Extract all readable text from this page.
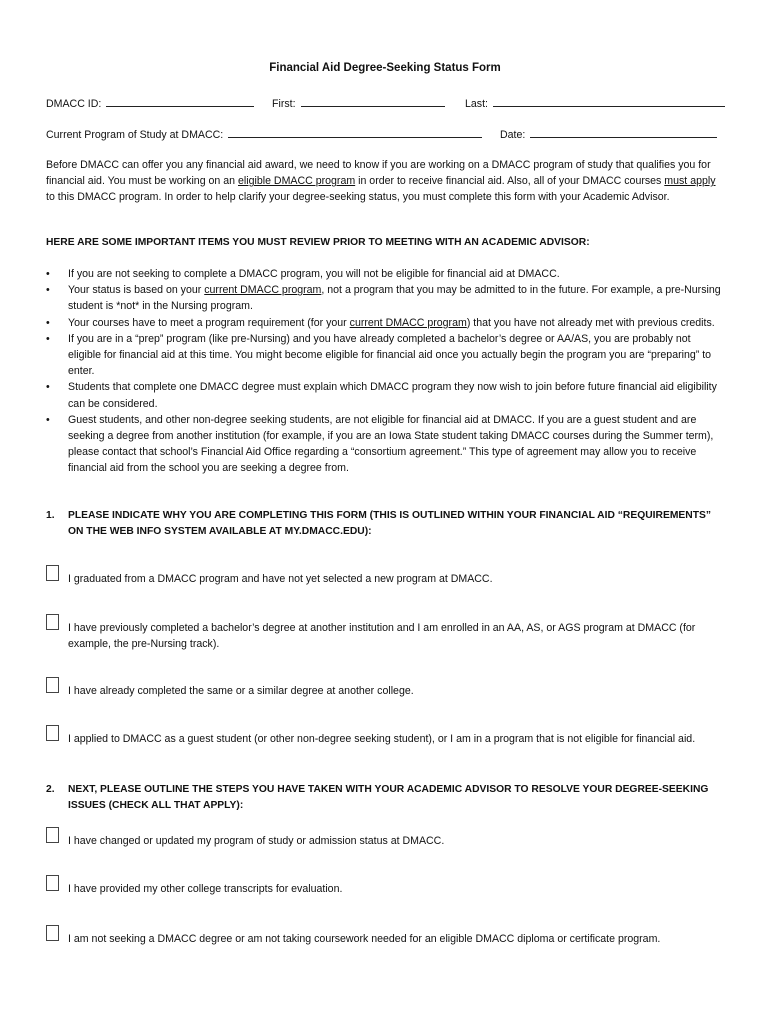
Financial Aid Degree-Seeking Status Form
DMACC ID:	First:	Last:
Current Program of Study at DMACC:	Date:
Before DMACC can offer you any financial aid award, we need to know if you are working on a DMACC program of study that qualifies you for financial aid. You must be working on an eligible DMACC program in order to receive financial aid. Also, all of your DMACC courses must apply to this DMACC program. In order to help clarify your degree-seeking status, you must complete this form with your Academic Advisor.
HERE ARE SOME IMPORTANT ITEMS YOU MUST REVIEW PRIOR TO MEETING WITH AN ACADEMIC ADVISOR:
• If you are not seeking to complete a DMACC program, you will not be eligible for financial aid at DMACC.
• Your status is based on your current DMACC program, not a program that you may be admitted to in the future. For example, a pre-Nursing student is *not* in the Nursing program.
• Your courses have to meet a program requirement (for your current DMACC program) that you have not already met with previous credits.
• If you are in a “prep” program (like pre-Nursing) and you have already completed a bachelor’s degree or AA/AS, you are probably not eligible for financial aid at this time. You might become eligible for financial aid once you actually begin the program you are “preparing” to enter.
• Students that complete one DMACC degree must explain which DMACC program they now wish to join before future financial aid eligibility can be considered.
• Guest students, and other non-degree seeking students, are not eligible for financial aid at DMACC. If you are a guest student and are seeking a degree from another institution (for example, if you are an Iowa State student taking DMACC courses during the Summer term), please contact that school’s Financial Aid Office regarding a “consortium agreement.” This type of agreement may allow you to receive financial aid from the school you are seeking a degree from.
1.	PLEASE INDICATE WHY YOU ARE COMPLETING THIS FORM (THIS IS OUTLINED WITHIN YOUR FINANCIAL AID “REQUIREMENTS” ON THE WEB INFO SYSTEM AVAILABLE AT MY.DMACC.EDU):
I graduated from a DMACC program and have not yet selected a new program at DMACC.
I have previously completed a bachelor’s degree at another institution and I am enrolled in an AA, AS, or AGS program at DMACC (for example, the pre-Nursing track).
I have already completed the same or a similar degree at another college.
I applied to DMACC as a guest student (or other non-degree seeking student), or I am in a program that is not eligible for financial aid.
2.	NEXT, PLEASE OUTLINE THE STEPS YOU HAVE TAKEN WITH YOUR ACADEMIC ADVISOR TO RESOLVE YOUR DEGREE-SEEKING ISSUES (CHECK ALL THAT APPLY):
I have changed or updated my program of study or admission status at DMACC.
I have provided my other college transcripts for evaluation.
I am not seeking a DMACC degree or am not taking coursework needed for an eligible DMACC diploma or certificate program.
